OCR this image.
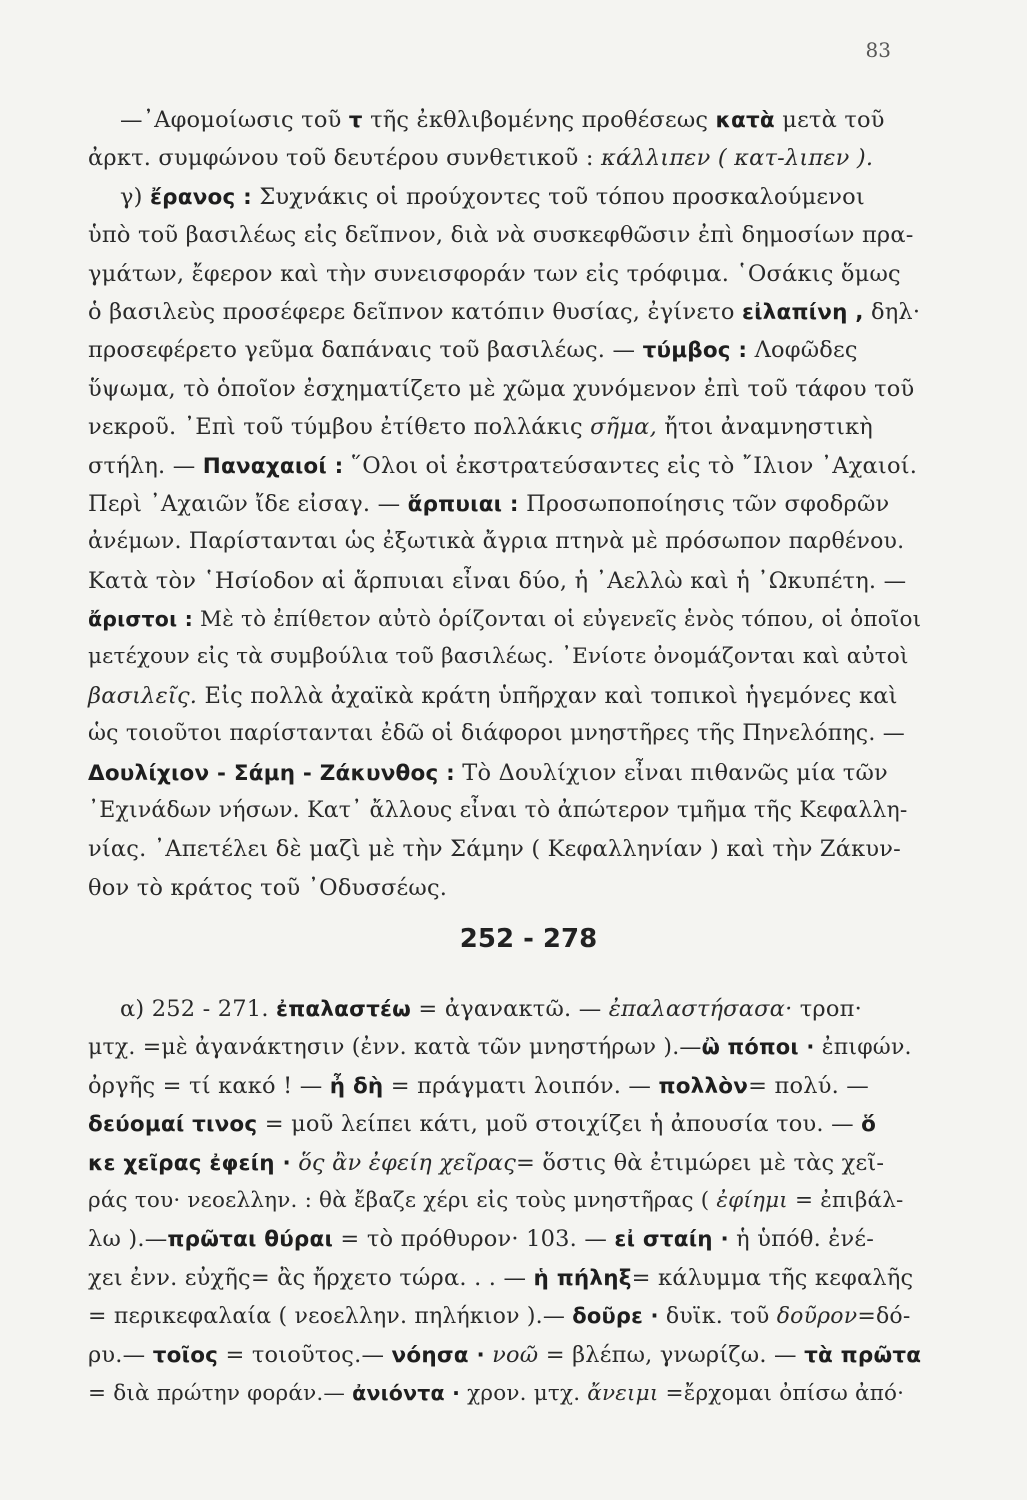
83
—᾿Αφομοίωσις τοῦ τ τῆς ἐκθλιβομένης προθέσεως κατὰ μετὰ τοῦ
ἀρκτ. συμφώνου τοῦ δευτέρου συνθετικοῦ : κάλλιπεν ( κατ-λιπεν ).
γ) ἔρανος : Συχνάκις οἱ προύχοντες τοῦ τόπου προσκαλούμενοι
ὑπὸ τοῦ βασιλέως εἰς δεῖπνον, διὰ νὰ συσκεφθῶσιν ἐπὶ δημοσίων πρα-
γμάτων, ἔφερον καὶ τὴν συνεισφοράν των εἰς τρόφιμα. ῾Οσάκις ὅμως
ὁ βασιλεὺς προσέφερε δεῖπνον κατόπιν θυσίας, ἐγίνετο εἰλαπίνη , δηλ·
προσεφέρετο γεῦμα δαπάναις τοῦ βασιλέως. — τύμβος : Λοφῶδες
ὕψωμα, τὸ ὁποῖον ἐσχηματίζετο μὲ χῶμα χυνόμενον ἐπὶ τοῦ τάφου τοῦ
νεκροῦ. ᾿Επὶ τοῦ τύμβου ἐτίθετο πολλάκις σῆμα, ἤτοι ἀναμνηστικὴ
στήλη. — Παναχαιοί : ῞Ολοι οἱ ἐκστρατεύσαντες εἰς τὸ ῎Ιλιον ᾿Αχαιοί.
Περὶ ᾿Αχαιῶν ἴδε εἰσαγ. — ἅρπυιαι : Προσωποποίησις τῶν σφοδρῶν
ἀνέμων. Παρίστανται ὡς ἐξωτικὰ ἄγρια πτηνὰ μὲ πρόσωπον παρθένου.
Κατὰ τὸν ῾Ησίοδον αἱ ἅρπυιαι εἶναι δύο, ἡ ᾿Αελλὼ καὶ ἡ ᾿Ωκυπέτη. —
ἄριστοι : Μὲ τὸ ἐπίθετον αὐτὸ ὁρίζονται οἱ εὐγενεῖς ἑνὸς τόπου, οἱ ὁποῖοι
μετέχουν εἰς τὰ συμβούλια τοῦ βασιλέως. ᾿Ενίοτε ὀνομάζονται καὶ αὐτοὶ
βασιλεῖς. Εἰς πολλὰ ἀχαϊκὰ κράτη ὑπῆρχαν καὶ τοπικοὶ ἡγεμόνες καὶ
ὡς τοιοῦτοι παρίστανται ἐδῶ οἱ διάφοροι μνηστῆρες τῆς Πηνελόπης. —
Δουλίχιον - Σάμη - Ζάκυνθος : Τὸ Δουλίχιον εἶναι πιθανῶς μία τῶν
᾿Εχινάδων νήσων. Κατ᾿ ἄλλους εἶναι τὸ ἀπώτερον τμῆμα τῆς Κεφαλλη-
νίας. ᾿Απετέλει δὲ μαζὶ μὲ τὴν Σάμην ( Κεφαλληνίαν ) καὶ τὴν Ζάκυν-
θον τὸ κράτος τοῦ ᾿Οδυσσέως.
252 - 278
α) 252 - 271. ἐπαλαστέω = ἀγανακτῶ. — ἐπαλαστήσασα· τροπ·
μτχ. =μὲ ἀγανάκτησιν (ἐνν. κατὰ τῶν μνηστήρων ).—ὢ πόποι · ἐπιφών.
ὀργῆς = τί κακό ! — ἦ δὴ = πράγματι λοιπόν. — πολλὸν= πολύ. —
δεύομαί τινος = μοῦ λείπει κάτι, μοῦ στοιχίζει ἡ ἀπουσία του. — ὅ
κε χεῖρας ἐφείη · ὅς ἂν ἐφείη χεῖρας= ὅστις θὰ ἐτιμώρει μὲ τὰς χεῖ-
ράς του· νεοελλην. : θὰ ἔβαζε χέρι εἰς τοὺς μνηστῆρας ( ἐφίημι = ἐπιβάλ-
λω ).—πρῶται θύραι = τὸ πρόθυρον· 103. — εἰ σταίη · ἡ ὑπόθ. ἐνέ-
χει ἐνν. εὐχῆς= ἂς ἤρχετο τώρα. . . — ἡ πήληξ= κάλυμμα τῆς κεφαλῆς
= περικεφαλαία ( νεοελλην. πηλήκιον ).— δοῦρε · δυϊκ. τοῦ δοῦρον=δό-
ρυ.— τοῖος = τοιοῦτος.— νόησα · νοῶ = βλέπω, γνωρίζω. — τὰ πρῶτα
= διὰ πρώτην φοράν.— ἀνιόντα · χρον. μτχ. ἄνειμι =ἔρχομαι ὀπίσω ἀπό·
